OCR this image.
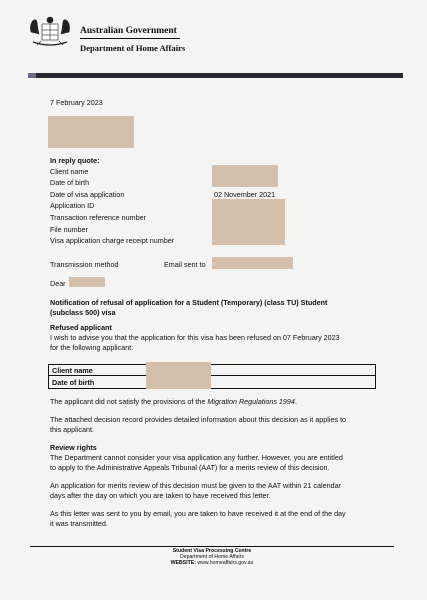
Australian Government
Department of Home Affairs
7 February 2023
In reply quote:
Client name
Date of birth
Date of visa application
Application ID
Transaction reference number
File number
Visa application charge receipt number
02 November 2021
Transmission method	Email sent to
Dear
Notification of refusal of application for a Student (Temporary) (class TU) Student
(subclass 500) visa
Refused applicant
I wish to advise you that the application for this visa has been refused on 07 February 2023
for the following applicant:
Client name
Date of birth
The applicant did not satisfy the provisions of the Migration Regulations 1994.
The attached decision record provides detailed information about this decision as it applies to
this applicant.
Review rights
The Department cannot consider your visa application any further. However, you are entitled
to apply to the Administrative Appeals Tribunal (AAT) for a merits review of this decision.
An application for merits review of this decision must be given to the AAT within 21 calendar
days after the day on which you are taken to have received this letter.
As this letter was sent to you by email, you are taken to have received it at the end of the day
it was transmitted.
Student Visa Processing Centre
Department of Home Affairs
WEBSITE: www.homeaffairs.gov.au
